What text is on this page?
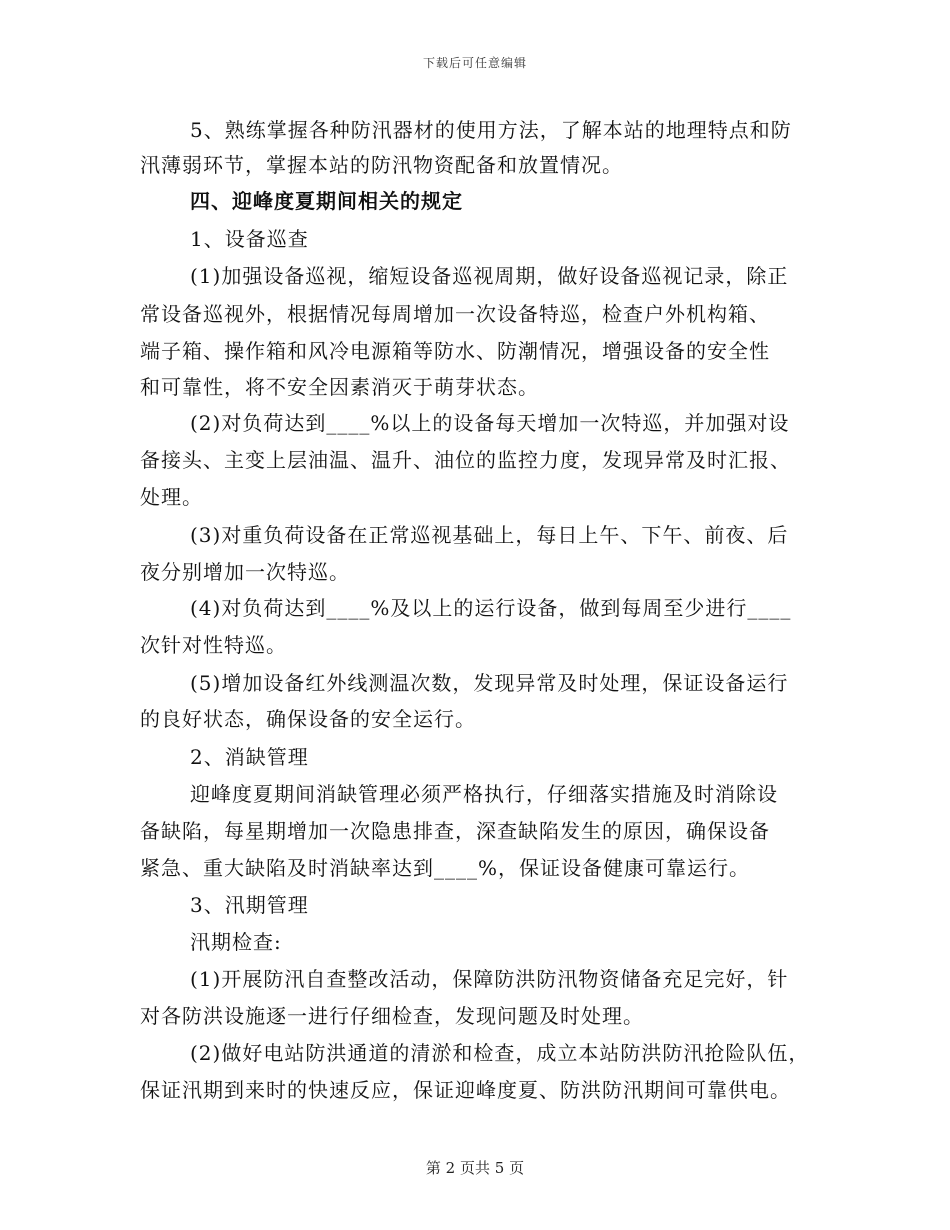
下载后可任意编辑
5、熟练掌握各种防汛器材的使用方法，了解本站的地理特点和防
汛薄弱环节，掌握本站的防汛物资配备和放置情况。
四、迎峰度夏期间相关的规定
1、设备巡查
(1)加强设备巡视，缩短设备巡视周期，做好设备巡视记录，除正
常设备巡视外，根据情况每周增加一次设备特巡，检查户外机构箱、
端子箱、操作箱和风冷电源箱等防水、防潮情况，增强设备的安全性
和可靠性，将不安全因素消灭于萌芽状态。
(2)对负荷达到____%以上的设备每天增加一次特巡，并加强对设
备接头、主变上层油温、温升、油位的监控力度，发现异常及时汇报、
处理。
(3)对重负荷设备在正常巡视基础上，每日上午、下午、前夜、后
夜分别增加一次特巡。
(4)对负荷达到____%及以上的运行设备，做到每周至少进行____
次针对性特巡。
(5)增加设备红外线测温次数，发现异常及时处理，保证设备运行
的良好状态，确保设备的安全运行。
2、消缺管理
迎峰度夏期间消缺管理必须严格执行，仔细落实措施及时消除设
备缺陷，每星期增加一次隐患排查，深查缺陷发生的原因，确保设备
紧急、重大缺陷及时消缺率达到____%，保证设备健康可靠运行。
3、汛期管理
汛期检查:
(1)开展防汛自查整改活动，保障防洪防汛物资储备充足完好，针
对各防洪设施逐一进行仔细检查，发现问题及时处理。
(2)做好电站防洪通道的清淤和检查，成立本站防洪防汛抢险队伍，
保证汛期到来时的快速反应，保证迎峰度夏、防洪防汛期间可靠供电。
第 2 页共 5 页
